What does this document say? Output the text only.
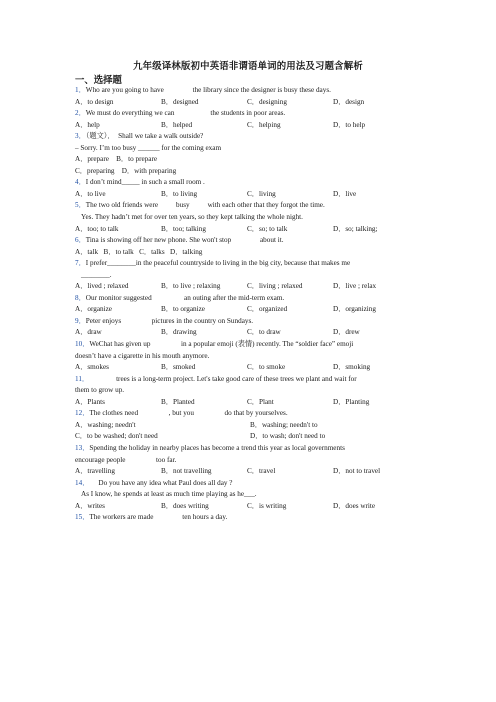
九年级译林版初中英语非谓语单词的用法及习题含解析
一、选择题
1．Who are you going to have                the library since the designer is busy these days.
A．to design	B．designed	C．designing	D．design
2．We must do everything we can                    the students in poor areas.
A．help	B．helped	C．helping	D．to help
3．（题文）．  Shall we take a walk outside?
– Sorry. I’m too busy ______ for the coming exam
A．prepare B．to prepare
C．preparing D．with preparing
4．I don’t mind_____ in such a small room .
A．to live	B．to living	C．living	D．live
5．The two old friends were          busy          with each other that they forgot the time.
Yes. They hadn’t met for over ten years, so they kept talking the whole night.
A．too; to talk	B．too; talking	C．so; to talk	D．so; talking;
6．Tina is showing off her new phone. She won't stop                about it.
A．talk B．to talk C．talks D．talking
7．I prefer________in the peaceful countryside to living in the big city, because that makes me
________.
A．lived ; relaxed	B．to live ; relaxing	C．living ; relaxed	D．live ; relax
8．Our monitor suggested                  an outing after the mid-term exam.
A．organize	B．to organize	C．organized	D．organizing
9．Peter enjoys                 pictures in the country on Sundays.
A．draw	B．drawing	C．to draw	D．drew
10．WeChat has given up                 in a popular emoji (表情) recently. The “soldier face” emoji
doesn’t have a cigarette in his mouth anymore.
A．smokes	B．smoked	C．to smoke	D．smoking
11．               trees is a long-term project. Let's take good care of these trees we plant and wait for
them to grow up.
A．Plants	B．Planted	C．Plant	D．Planting
12．The clothes need                 , but you                 do that by yourselves.
A．washing; needn't	B．washing; needn't to
C．to be washed; don't need	D．to wash; don't need to
13．Spending the holiday in nearby places has become a trend this year as local governments
encourage people                 too far.
A．travelling	B．not travelling	C．travel	D．not to travel
14．     Do you have any idea what Paul does all day ?
As I know, he spends at least as much time playing as he___.
A．writes	B．does writing	C．is writing	D．does write
15．The workers are made                ten hours a day.
